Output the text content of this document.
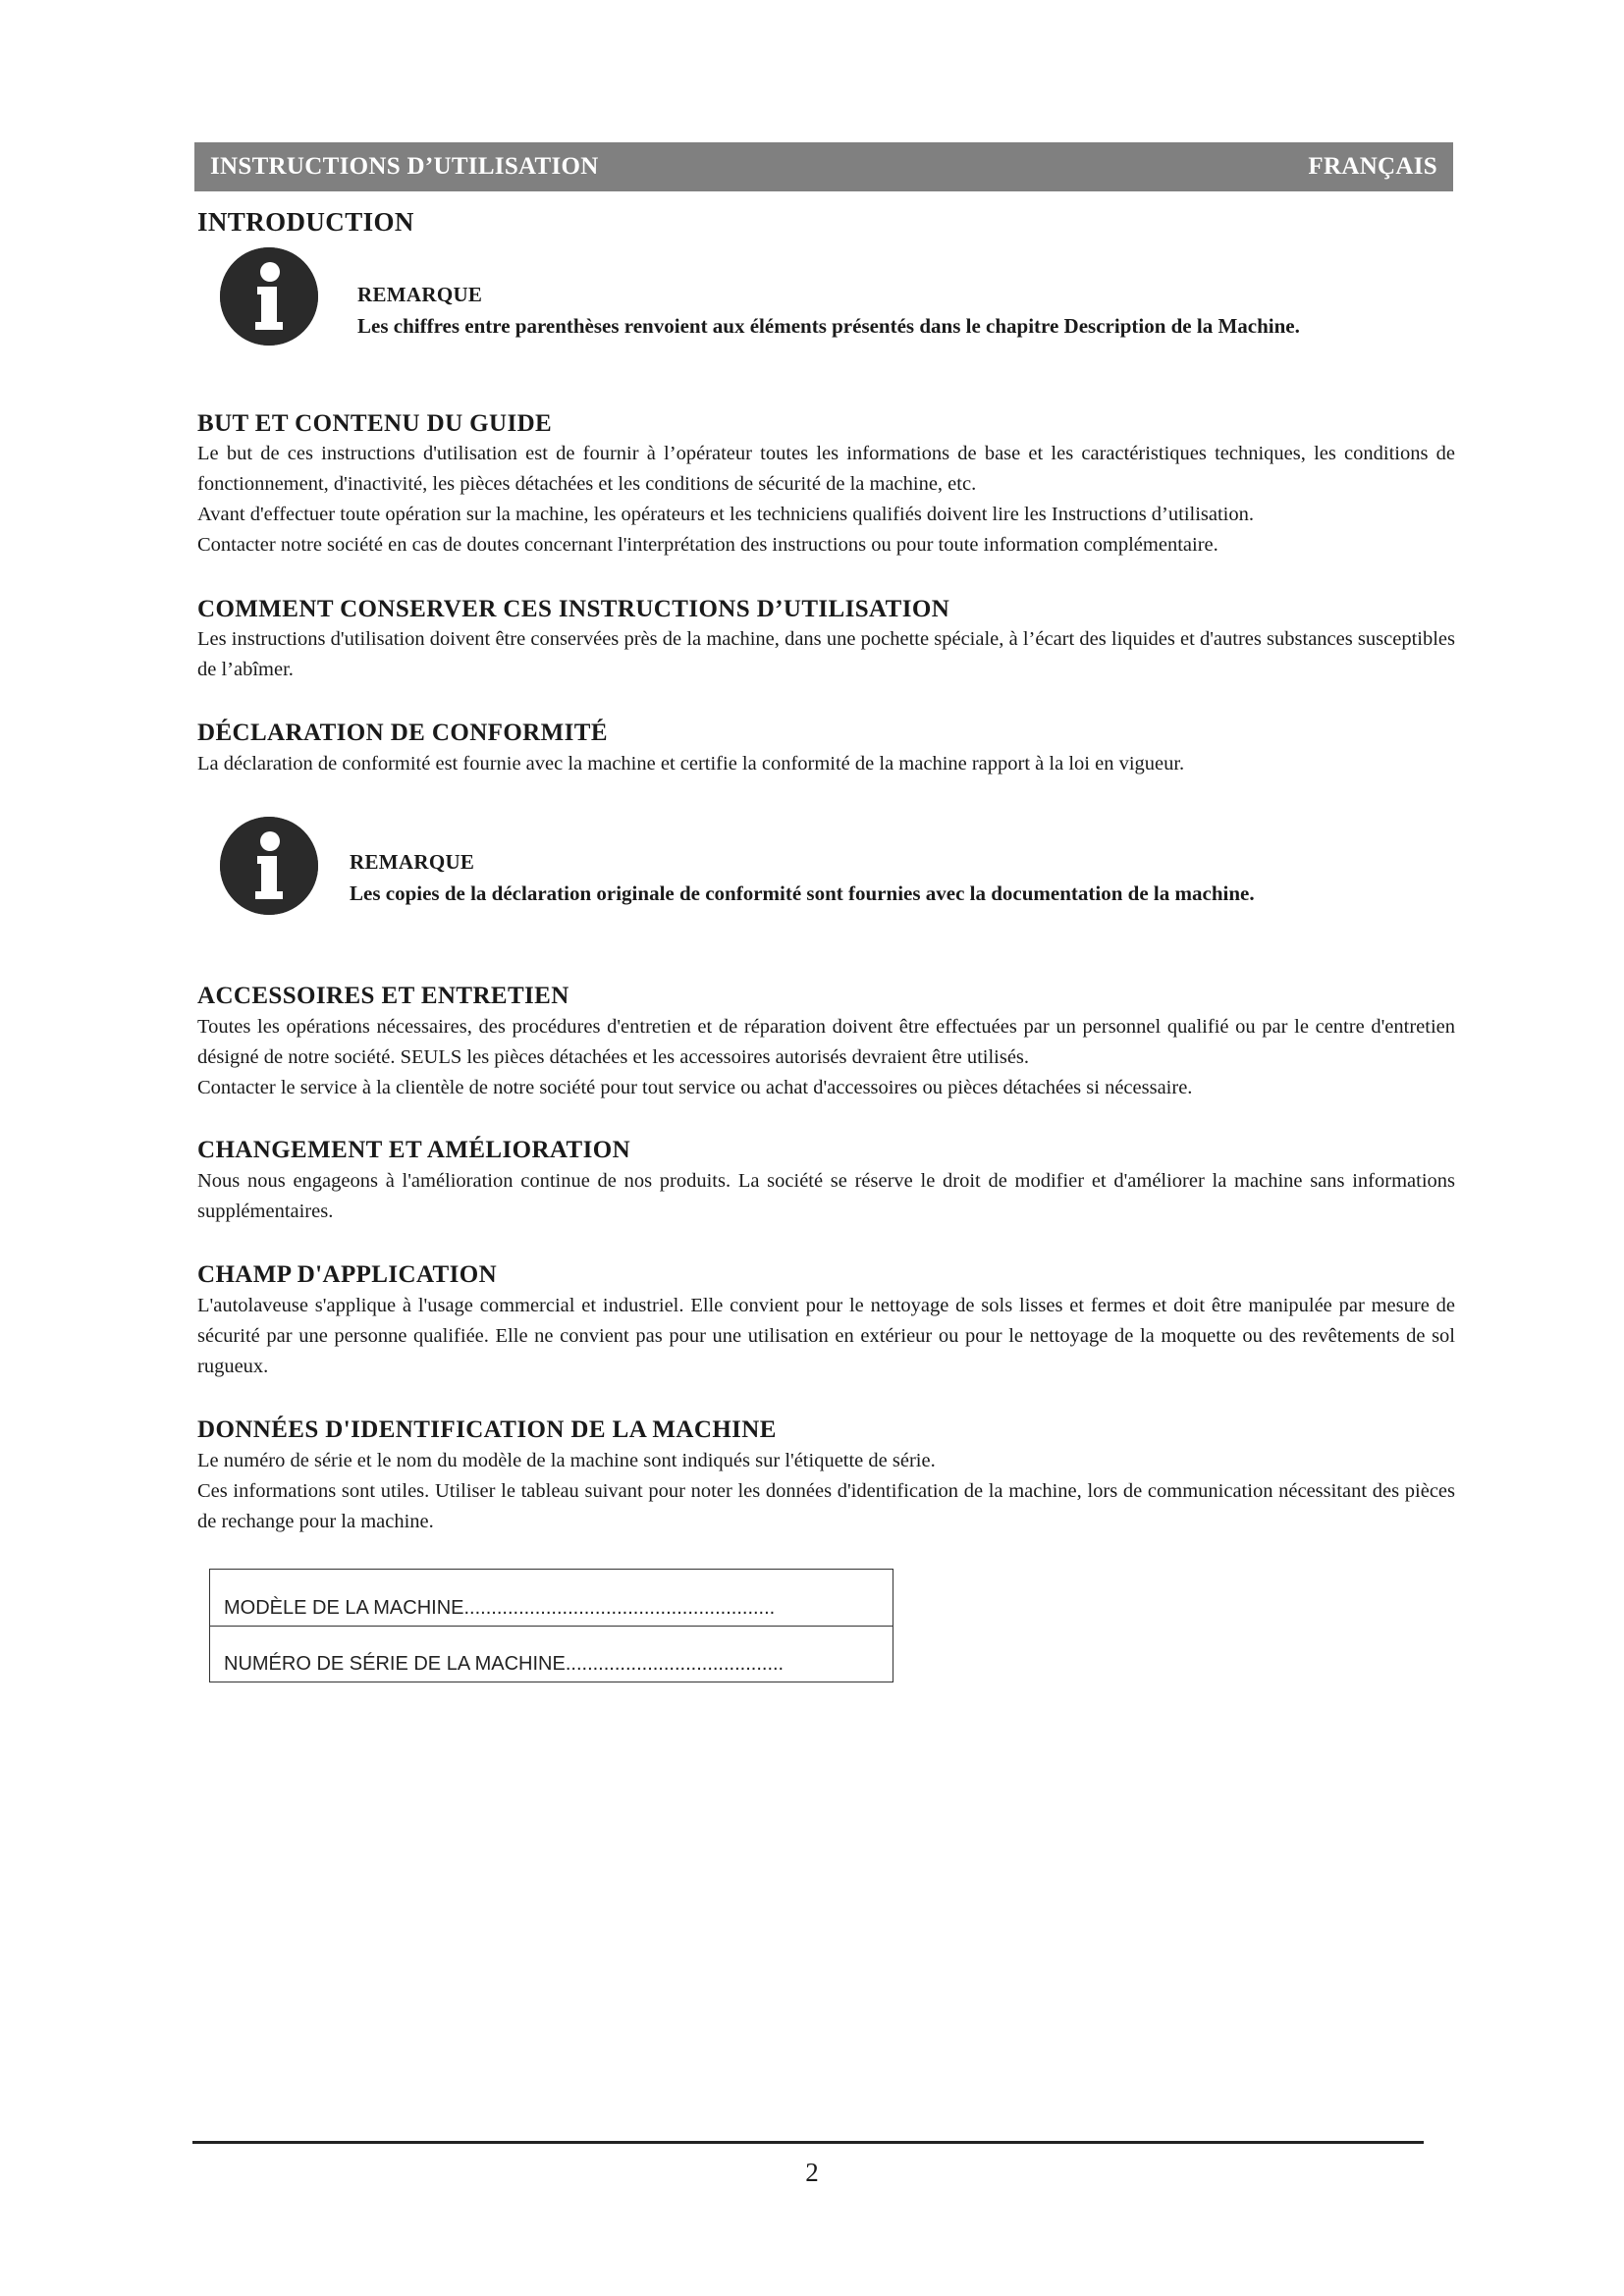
INSTRUCTIONS D’UTILISATION	FRANÇAIS
INTRODUCTION
REMARQUE
Les chiffres entre parenthèses renvoient aux éléments présentés dans le chapitre Description de la Machine.
BUT ET CONTENU DU GUIDE

Le but de ces instructions d'utilisation est de fournir à l’opérateur toutes les informations de base et les caractéristiques techniques, les conditions de fonctionnement, d'inactivité, les pièces détachées et les conditions de sécurité de la machine, etc.

Avant d'effectuer toute opération sur la machine, les opérateurs et les techniciens qualifiés doivent lire les Instructions d’utilisation.

Contacter notre société en cas de doutes concernant l'interprétation des instructions ou pour toute information complémentaire.

COMMENT CONSERVER CES INSTRUCTIONS D’UTILISATION

Les instructions d'utilisation doivent être conservées près de la machine, dans une pochette spéciale, à l’écart des liquides et d'autres substances susceptibles de l’abîmer.

DÉCLARATION DE CONFORMITÉ

La déclaration de conformité est fournie avec la machine et certifie la conformité de la machine rapport à la loi en vigueur.

REMARQUE
Les copies de la déclaration originale de conformité sont fournies avec la documentation de la machine.
ACCESSOIRES ET ENTRETIEN

Toutes les opérations nécessaires, des procédures d'entretien et de réparation doivent être effectuées par un personnel qualifié ou par le centre d'entretien désigné de notre société. SEULS les pièces détachées et les accessoires autorisés devraient être utilisés.

Contacter le service à la clientèle de notre société pour tout service ou achat d'accessoires ou pièces détachées si nécessaire.

CHANGEMENT ET AMÉLIORATION

Nous nous engageons à l'amélioration continue de nos produits. La société se réserve le droit de modifier et d'améliorer la machine sans informations supplémentaires.

CHAMP D'APPLICATION

L'autolaveuse s'applique à l'usage commercial et industriel. Elle convient pour le nettoyage de sols lisses et fermes et doit être manipulée par mesure de sécurité par une personne qualifiée. Elle ne convient pas pour une utilisation en extérieur ou pour le nettoyage de la moquette ou des revêtements de sol rugueux.

DONNÉES D'IDENTIFICATION DE LA MACHINE

Le numéro de série et le nom du modèle de la machine sont indiqués sur l'étiquette de série.

Ces informations sont utiles. Utiliser le tableau suivant pour noter les données d'identification de la machine, lors de communication nécessitant des pièces de rechange pour la machine.

MODÈLE DE LA MACHINE.........................................................
NUMÉRO DE SÉRIE DE LA MACHINE........................................
2
